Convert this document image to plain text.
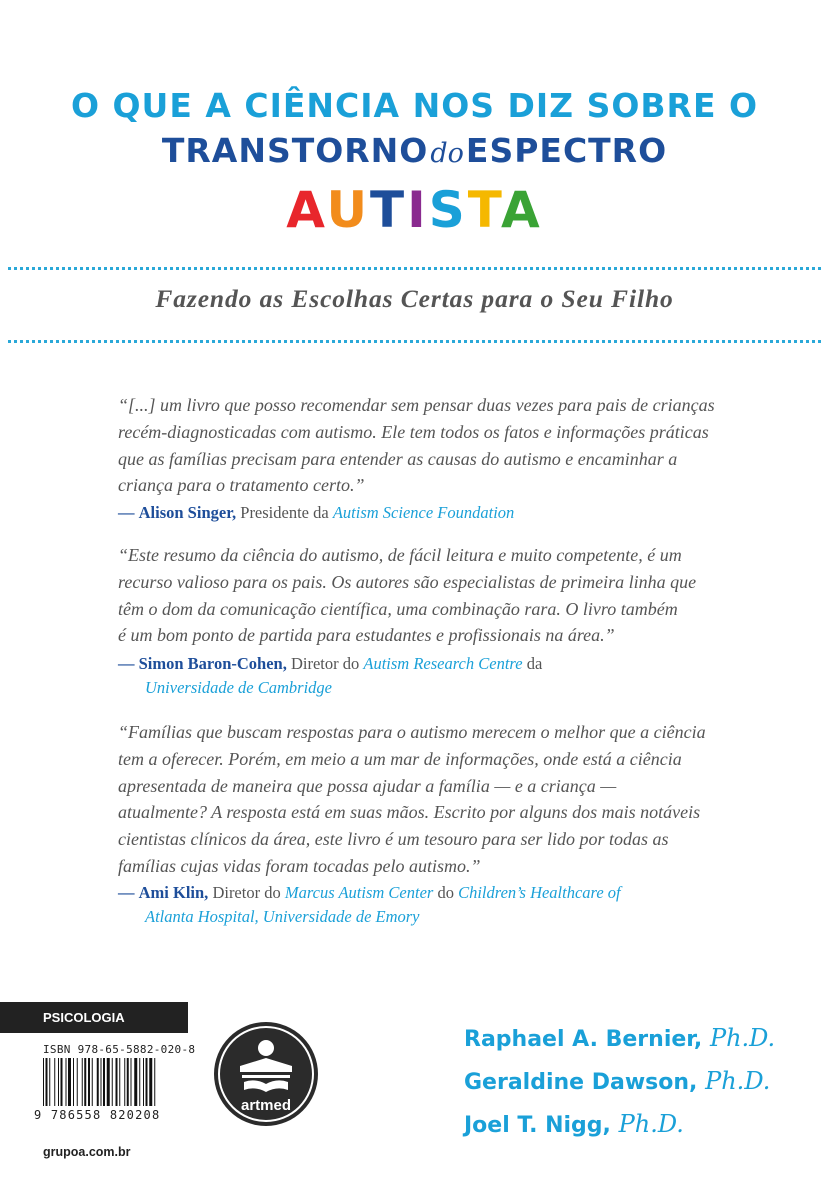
O QUE A CIÊNCIA NOS DIZ SOBRE O
TRANSTORNOdoESPECTRO
AUTISTA
Fazendo as Escolhas Certas para o Seu Filho
“[...] um livro que posso recomendar sem pensar duas vezes para pais de crianças
recém-diagnosticadas com autismo. Ele tem todos os fatos e informações práticas
que as famílias precisam para entender as causas do autismo e encaminhar a
criança para o tratamento certo.”
— Alison Singer, Presidente da Autism Science Foundation
“Este resumo da ciência do autismo, de fácil leitura e muito competente, é um
recurso valioso para os pais. Os autores são especialistas de primeira linha que
têm o dom da comunicação científica, uma combinação rara. O livro também
é um bom ponto de partida para estudantes e profissionais na área.”
— Simon Baron-Cohen, Diretor do Autism Research Centre da
Universidade de Cambridge
“Famílias que buscam respostas para o autismo merecem o melhor que a ciência
tem a oferecer. Porém, em meio a um mar de informações, onde está a ciência
apresentada de maneira que possa ajudar a família — e a criança —
atualmente? A resposta está em suas mãos. Escrito por alguns dos mais notáveis
cientistas clínicos da área, este livro é um tesouro para ser lido por todas as
famílias cujas vidas foram tocadas pelo autismo.”
— Ami Klin, Diretor do Marcus Autism Center do Children’s Healthcare of
Atlanta Hospital, Universidade de Emory
PSICOLOGIA
ISBN 978-65-5882-020-8
9 786558 820208
grupoa.com.br
artmed
Raphael A. Bernier, Ph.D.
Geraldine Dawson, Ph.D.
Joel T. Nigg, Ph.D.
